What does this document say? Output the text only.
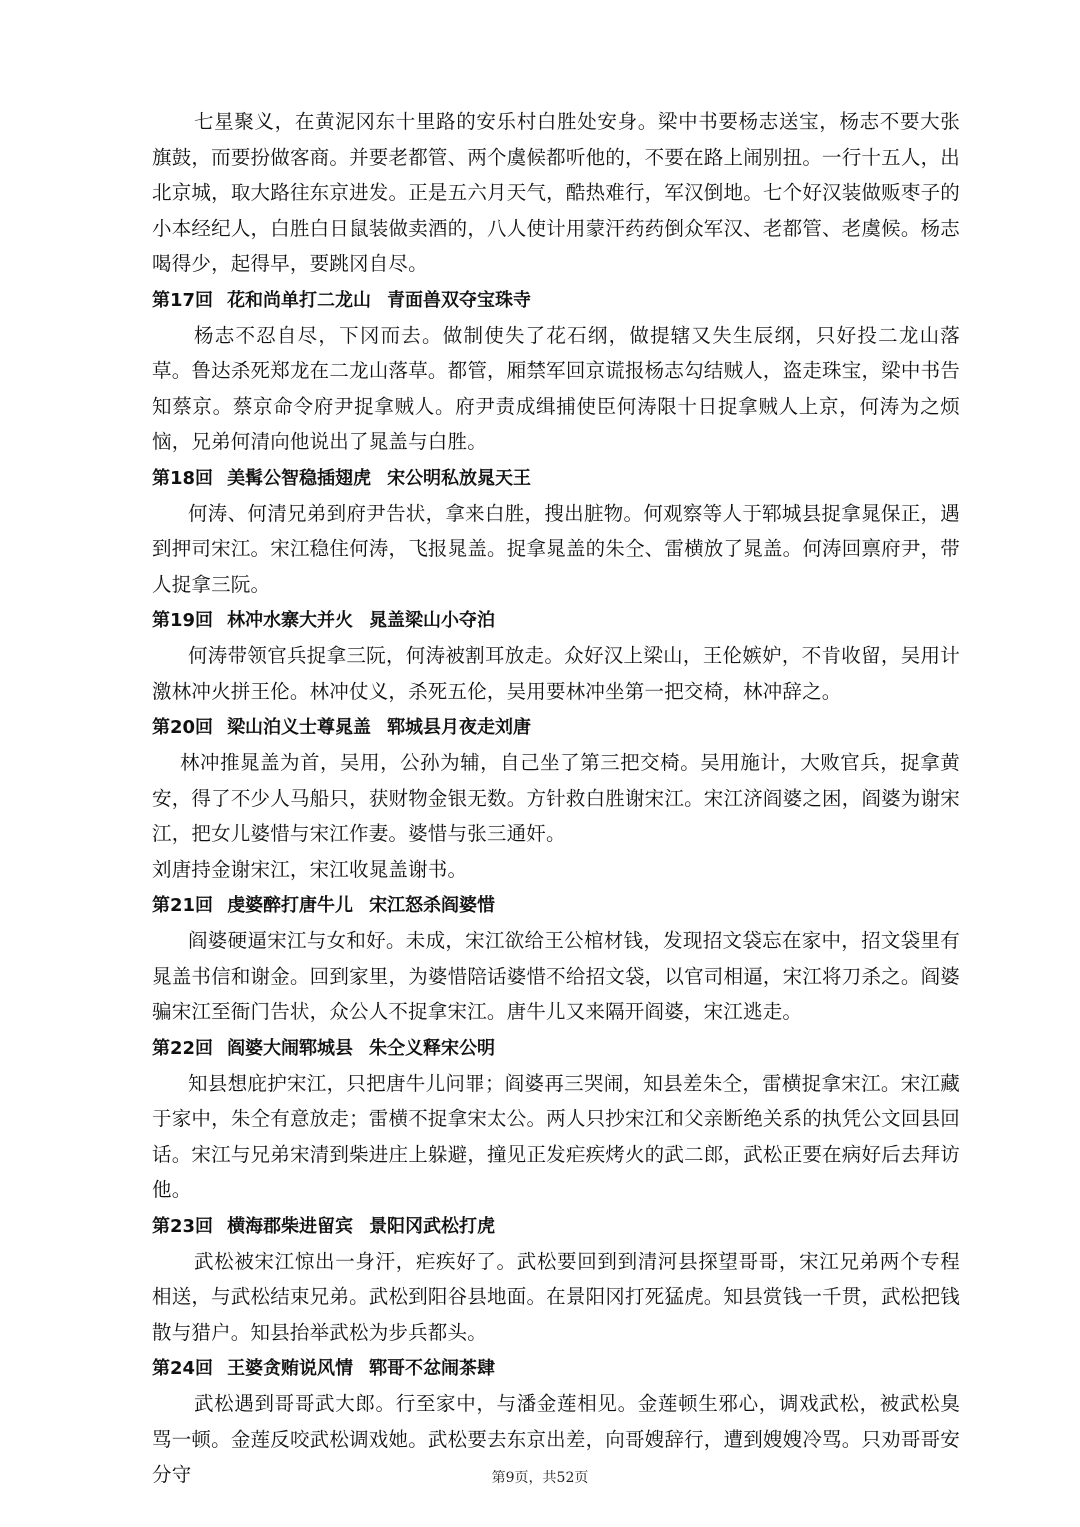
七星聚义，在黄泥冈东十里路的安乐村白胜处安身。梁中书要杨志送宝，杨志不要大张旗鼓，而要扮做客商。并要老都管、两个虞候都听他的，不要在路上闹别扭。一行十五人，出北京城，取大路往东京进发。正是五六月天气，酷热难行，军汉倒地。七个好汉装做贩枣子的小本经纪人，白胜白日鼠装做卖酒的，八人使计用蒙汗药药倒众军汉、老都管、老虞候。杨志喝得少，起得早，要跳冈自尽。

第17回 花和尚单打二龙山 青面兽双夺宝珠寺

杨志不忍自尽，下冈而去。做制使失了花石纲，做提辖又失生辰纲，只好投二龙山落草。鲁达杀死郑龙在二龙山落草。都管，厢禁军回京谎报杨志勾结贼人，盗走珠宝，梁中书告知蔡京。蔡京命令府尹捉拿贼人。府尹责成缉捕使臣何涛限十日捉拿贼人上京，何涛为之烦恼，兄弟何清向他说出了晁盖与白胜。

第18回 美髯公智稳插翅虎 宋公明私放晁天王

何涛、何清兄弟到府尹告状，拿来白胜，搜出脏物。何观察等人于郓城县捉拿晁保正，遇到押司宋江。宋江稳住何涛，飞报晁盖。捉拿晁盖的朱仝、雷横放了晁盖。何涛回禀府尹，带人捉拿三阮。

第19回 林冲水寨大并火 晁盖梁山小夺泊

何涛带领官兵捉拿三阮，何涛被割耳放走。众好汉上梁山，王伦嫉妒，不肯收留，吴用计激林冲火拼王伦。林冲仗义，杀死五伦，吴用要林冲坐第一把交椅，林冲辞之。

第20回 梁山泊义士尊晁盖 郓城县月夜走刘唐

林冲推晁盖为首，吴用，公孙为辅，自己坐了第三把交椅。吴用施计，大败官兵，捉拿黄安，得了不少人马船只，获财物金银无数。方针救白胜谢宋江。宋江济阎婆之困，阎婆为谢宋江，把女儿婆惜与宋江作妻。婆惜与张三通奸。

刘唐持金谢宋江，宋江收晁盖谢书。

第21回 虔婆醉打唐牛儿 宋江怒杀阎婆惜

阎婆硬逼宋江与女和好。未成，宋江欲给王公棺材钱，发现招文袋忘在家中，招文袋里有晁盖书信和谢金。回到家里，为婆惜陪话婆惜不给招文袋，以官司相逼，宋江将刀杀之。阎婆骗宋江至衙门告状，众公人不捉拿宋江。唐牛儿又来隔开阎婆，宋江逃走。

第22回 阎婆大闹郓城县 朱仝义释宋公明

知县想庇护宋江，只把唐牛儿问罪；阎婆再三哭闹，知县差朱仝，雷横捉拿宋江。宋江藏于家中，朱仝有意放走；雷横不捉拿宋太公。两人只抄宋江和父亲断绝关系的执凭公文回县回话。宋江与兄弟宋清到柴进庄上躲避，撞见正发疟疾烤火的武二郎，武松正要在病好后去拜访他。

第23回 横海郡柴进留宾 景阳冈武松打虎

武松被宋江惊出一身汗，疟疾好了。武松要回到到清河县探望哥哥，宋江兄弟两个专程相送，与武松结束兄弟。武松到阳谷县地面。在景阳冈打死猛虎。知县赏钱一千贯，武松把钱散与猎户。知县抬举武松为步兵都头。

第24回 王婆贪贿说风情 郓哥不忿闹茶肆

武松遇到哥哥武大郎。行至家中，与潘金莲相见。金莲顿生邪心，调戏武松，被武松臭骂一顿。金莲反咬武松调戏她。武松要去东京出差，向哥嫂辞行，遭到嫂嫂冷骂。只劝哥哥安分守	第9页，共52页
